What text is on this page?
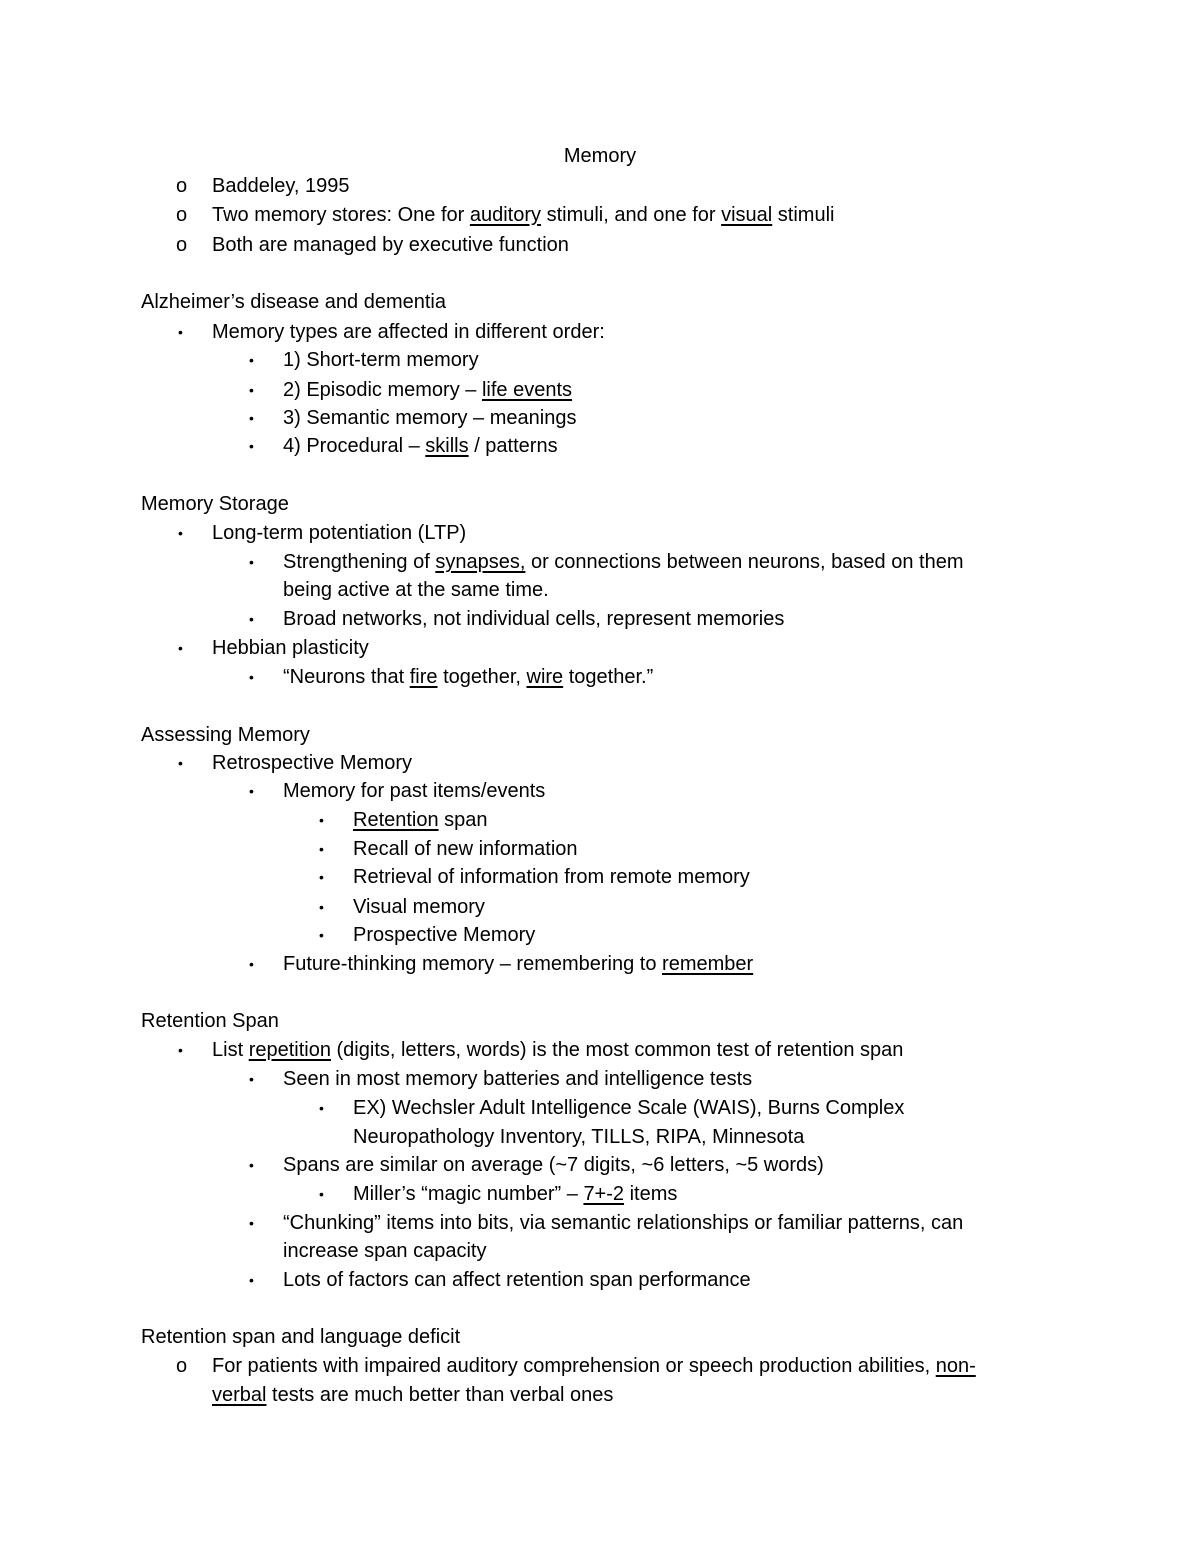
Memory
o Baddeley, 1995
o Two memory stores: One for auditory stimuli, and one for visual stimuli
o Both are managed by executive function
Alzheimer’s disease and dementia
• Memory types are affected in different order:
• 1) Short-term memory
• 2) Episodic memory – life events
• 3) Semantic memory – meanings
• 4) Procedural – skills / patterns
Memory Storage
• Long-term potentiation (LTP)
• Strengthening of synapses, or connections between neurons, based on them
being active at the same time.
• Broad networks, not individual cells, represent memories
• Hebbian plasticity
• “Neurons that fire together, wire together.”
Assessing Memory
• Retrospective Memory
• Memory for past items/events
• Retention span
• Recall of new information
• Retrieval of information from remote memory
• Visual memory
• Prospective Memory
• Future-thinking memory – remembering to remember
Retention Span
• List repetition (digits, letters, words) is the most common test of retention span
• Seen in most memory batteries and intelligence tests
• EX) Wechsler Adult Intelligence Scale (WAIS), Burns Complex
Neuropathology Inventory, TILLS, RIPA, Minnesota
• Spans are similar on average (~7 digits, ~6 letters, ~5 words)
• Miller’s “magic number” – 7+-2 items
• “Chunking” items into bits, via semantic relationships or familiar patterns, can
increase span capacity
• Lots of factors can affect retention span performance
Retention span and language deficit
o For patients with impaired auditory comprehension or speech production abilities, non-
verbal tests are much better than verbal ones
